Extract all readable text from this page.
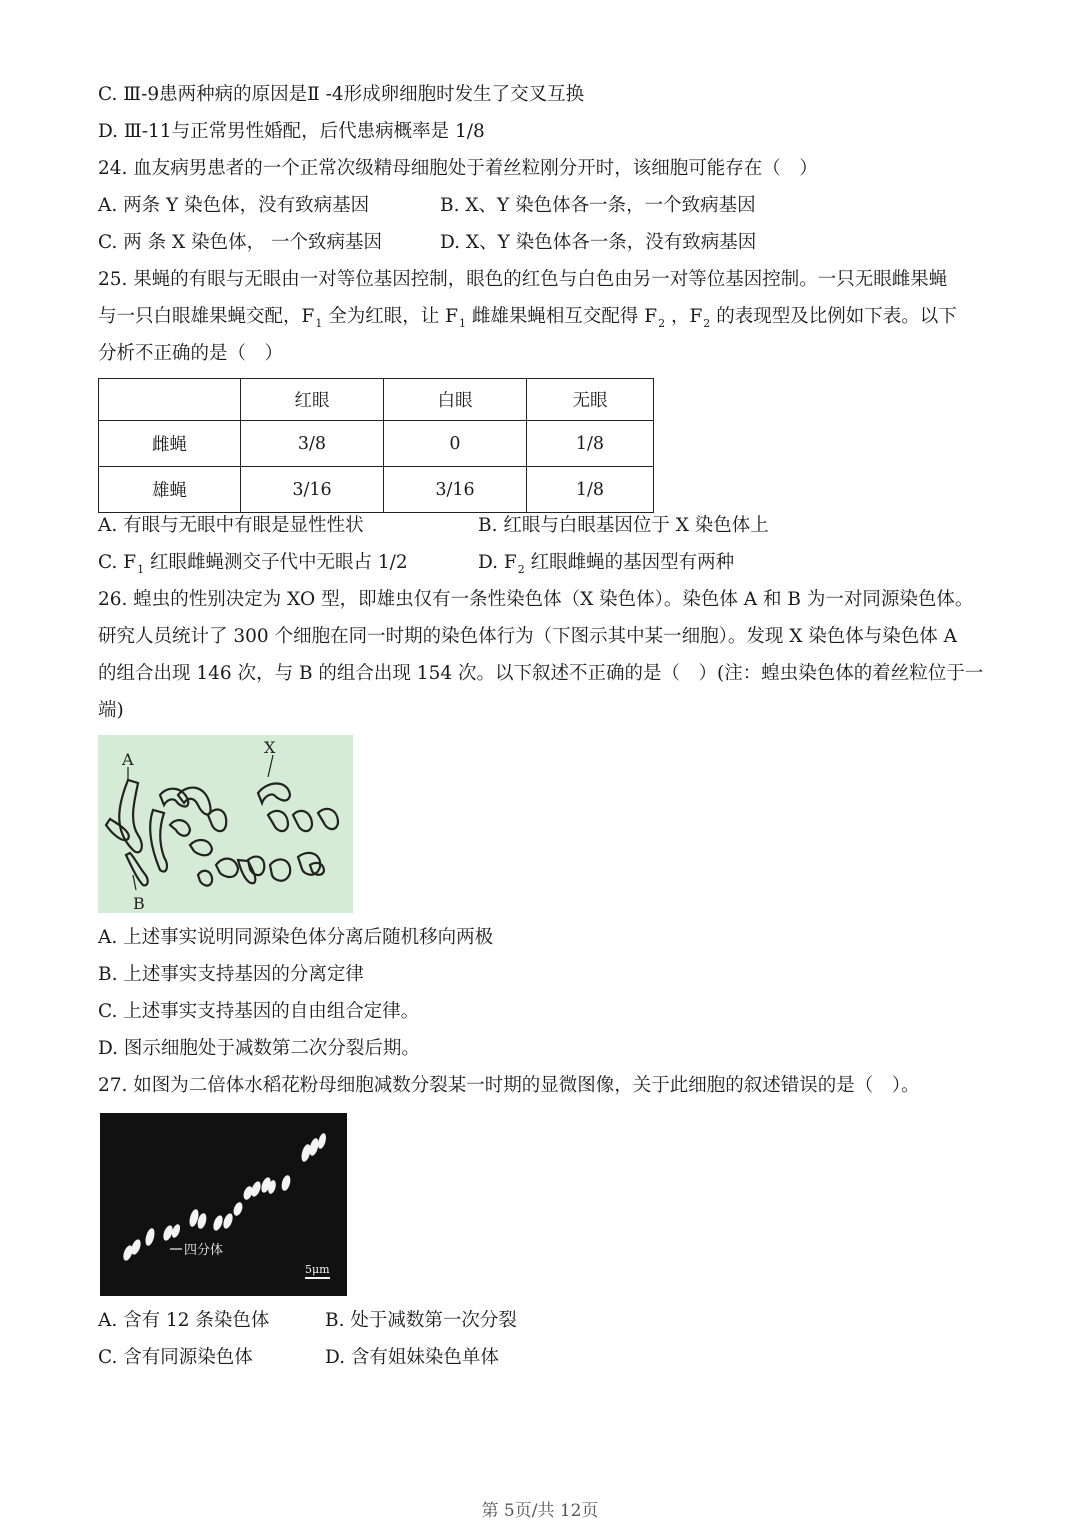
C. Ⅲ-9患两种病的原因是Ⅱ -4形成卵细胞时发生了交叉互换
D. Ⅲ-11与正常男性婚配，后代患病概率是 1/8
24. 血友病男患者的一个正常次级精母细胞处于着丝粒刚分开时，该细胞可能存在（　）
A. 两条 Y 染色体，没有致病基因	B. X、Y 染色体各一条，一个致病基因
C. 两 条 X 染色体， 一个致病基因	D. X、Y 染色体各一条，没有致病基因
25. 果蝇的有眼与无眼由一对等位基因控制，眼色的红色与白色由另一对等位基因控制。一只无眼雌果蝇
与一只白眼雄果蝇交配，$F_1$ 全为红眼，让 $F_1$ 雌雄果蝇相互交配得 $F_2$ ，$F_2$ 的表现型及比例如下表。以下
分析不正确的是（　）
	红眼	白眼	无眼
雌蝇	3/8	0	1/8
雄蝇	3/16	3/16	1/8
A. 有眼与无眼中有眼是显性性状	B. 红眼与白眼基因位于 X 染色体上
C. $F_1$ 红眼雌蝇测交子代中无眼占 1/2	D. $F_2$ 红眼雌蝇的基因型有两种
26. 蝗虫的性别决定为 XO 型，即雄虫仅有一条性染色体（X 染色体）。染色体 A 和 B 为一对同源染色体。
研究人员统计了 300 个细胞在同一时期的染色体行为（下图示其中某一细胞）。发现 X 染色体与染色体 A
的组合出现 146 次，与 B 的组合出现 154 次。以下叙述不正确的是（　）(注：蝗虫染色体的着丝粒位于一
端)
A
B
X
A. 上述事实说明同源染色体分离后随机移向两极
B. 上述事实支持基因的分离定律
C. 上述事实支持基因的自由组合定律。
D. 图示细胞处于减数第二次分裂后期。
27. 如图为二倍体水稻花粉母细胞减数分裂某一时期的显微图像，关于此细胞的叙述错误的是（　）。
四分体
5μm
A. 含有 12 条染色体	B. 处于减数第一次分裂
C. 含有同源染色体	D. 含有姐妹染色单体
第 5页/共 12页
